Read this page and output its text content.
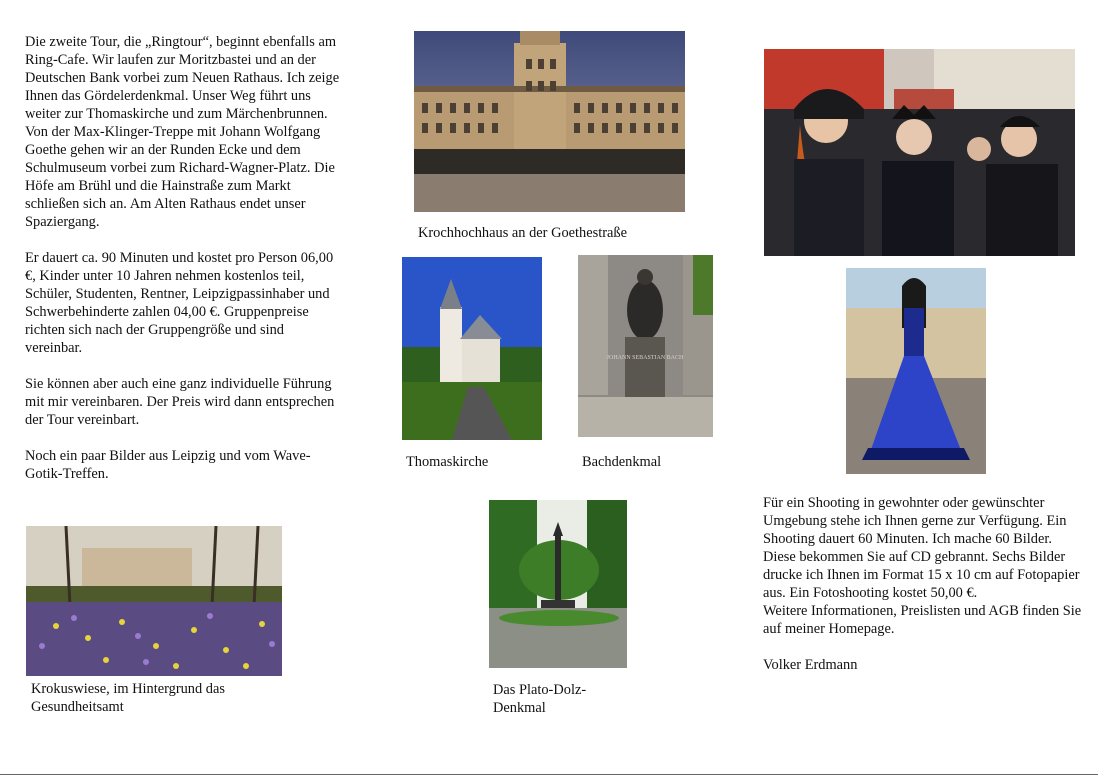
Die zweite Tour, die „Ringtour“, beginnt ebenfalls am Ring-Cafe. Wir laufen zur Moritzbastei und an der Deutschen Bank vorbei zum Neuen Rathaus. Ich zeige Ihnen das Gördelerdenkmal. Unser Weg führt uns weiter zur Thomaskirche und zum Märchenbrunnen. Von der Max-Klinger-Treppe mit Johann Wolfgang Goethe gehen wir an der Runden Ecke und dem Schulmuseum vorbei zum Richard-Wagner-Platz. Die Höfe am Brühl und die Hainstraße zum Markt schließen sich an. Am Alten Rathaus endet unser Spaziergang.

Er dauert ca. 90 Minuten und kostet pro Person 06,00 €, Kinder unter 10 Jahren nehmen kostenlos teil, Schüler, Studenten, Rentner, Leipzigpassinhaber und Schwerbehinderte zahlen 04,00 €. Gruppenpreise richten sich nach der Gruppengröße und sind vereinbar.

Sie können aber auch eine ganz individuelle Führung mit mir vereinbaren. Der Preis wird dann entsprechen der Tour vereinbart.

Noch ein paar Bilder aus Leipzig und vom Wave-Gotik-Treffen.

Krochhochhaus an der Goethestraße
Thomaskirche
JOHANN SEBASTIAN BACH
Bachdenkmal
Krokuswiese, im Hintergrund das Gesundheitsamt
Das Plato-Dolz-Denkmal

Für ein Shooting in gewohnter oder gewünschter Umgebung stehe ich Ihnen gerne zur Verfügung. Ein Shooting dauert 60 Minuten. Ich mache 60 Bilder. Diese bekommen Sie auf CD gebrannt. Sechs Bilder drucke ich Ihnen im Format 15 x 10 cm auf Fotopapier aus. Ein Fotoshooting kostet 50,00 €.

Weitere Informationen, Preislisten und AGB finden Sie auf meiner Homepage.

Volker Erdmann
